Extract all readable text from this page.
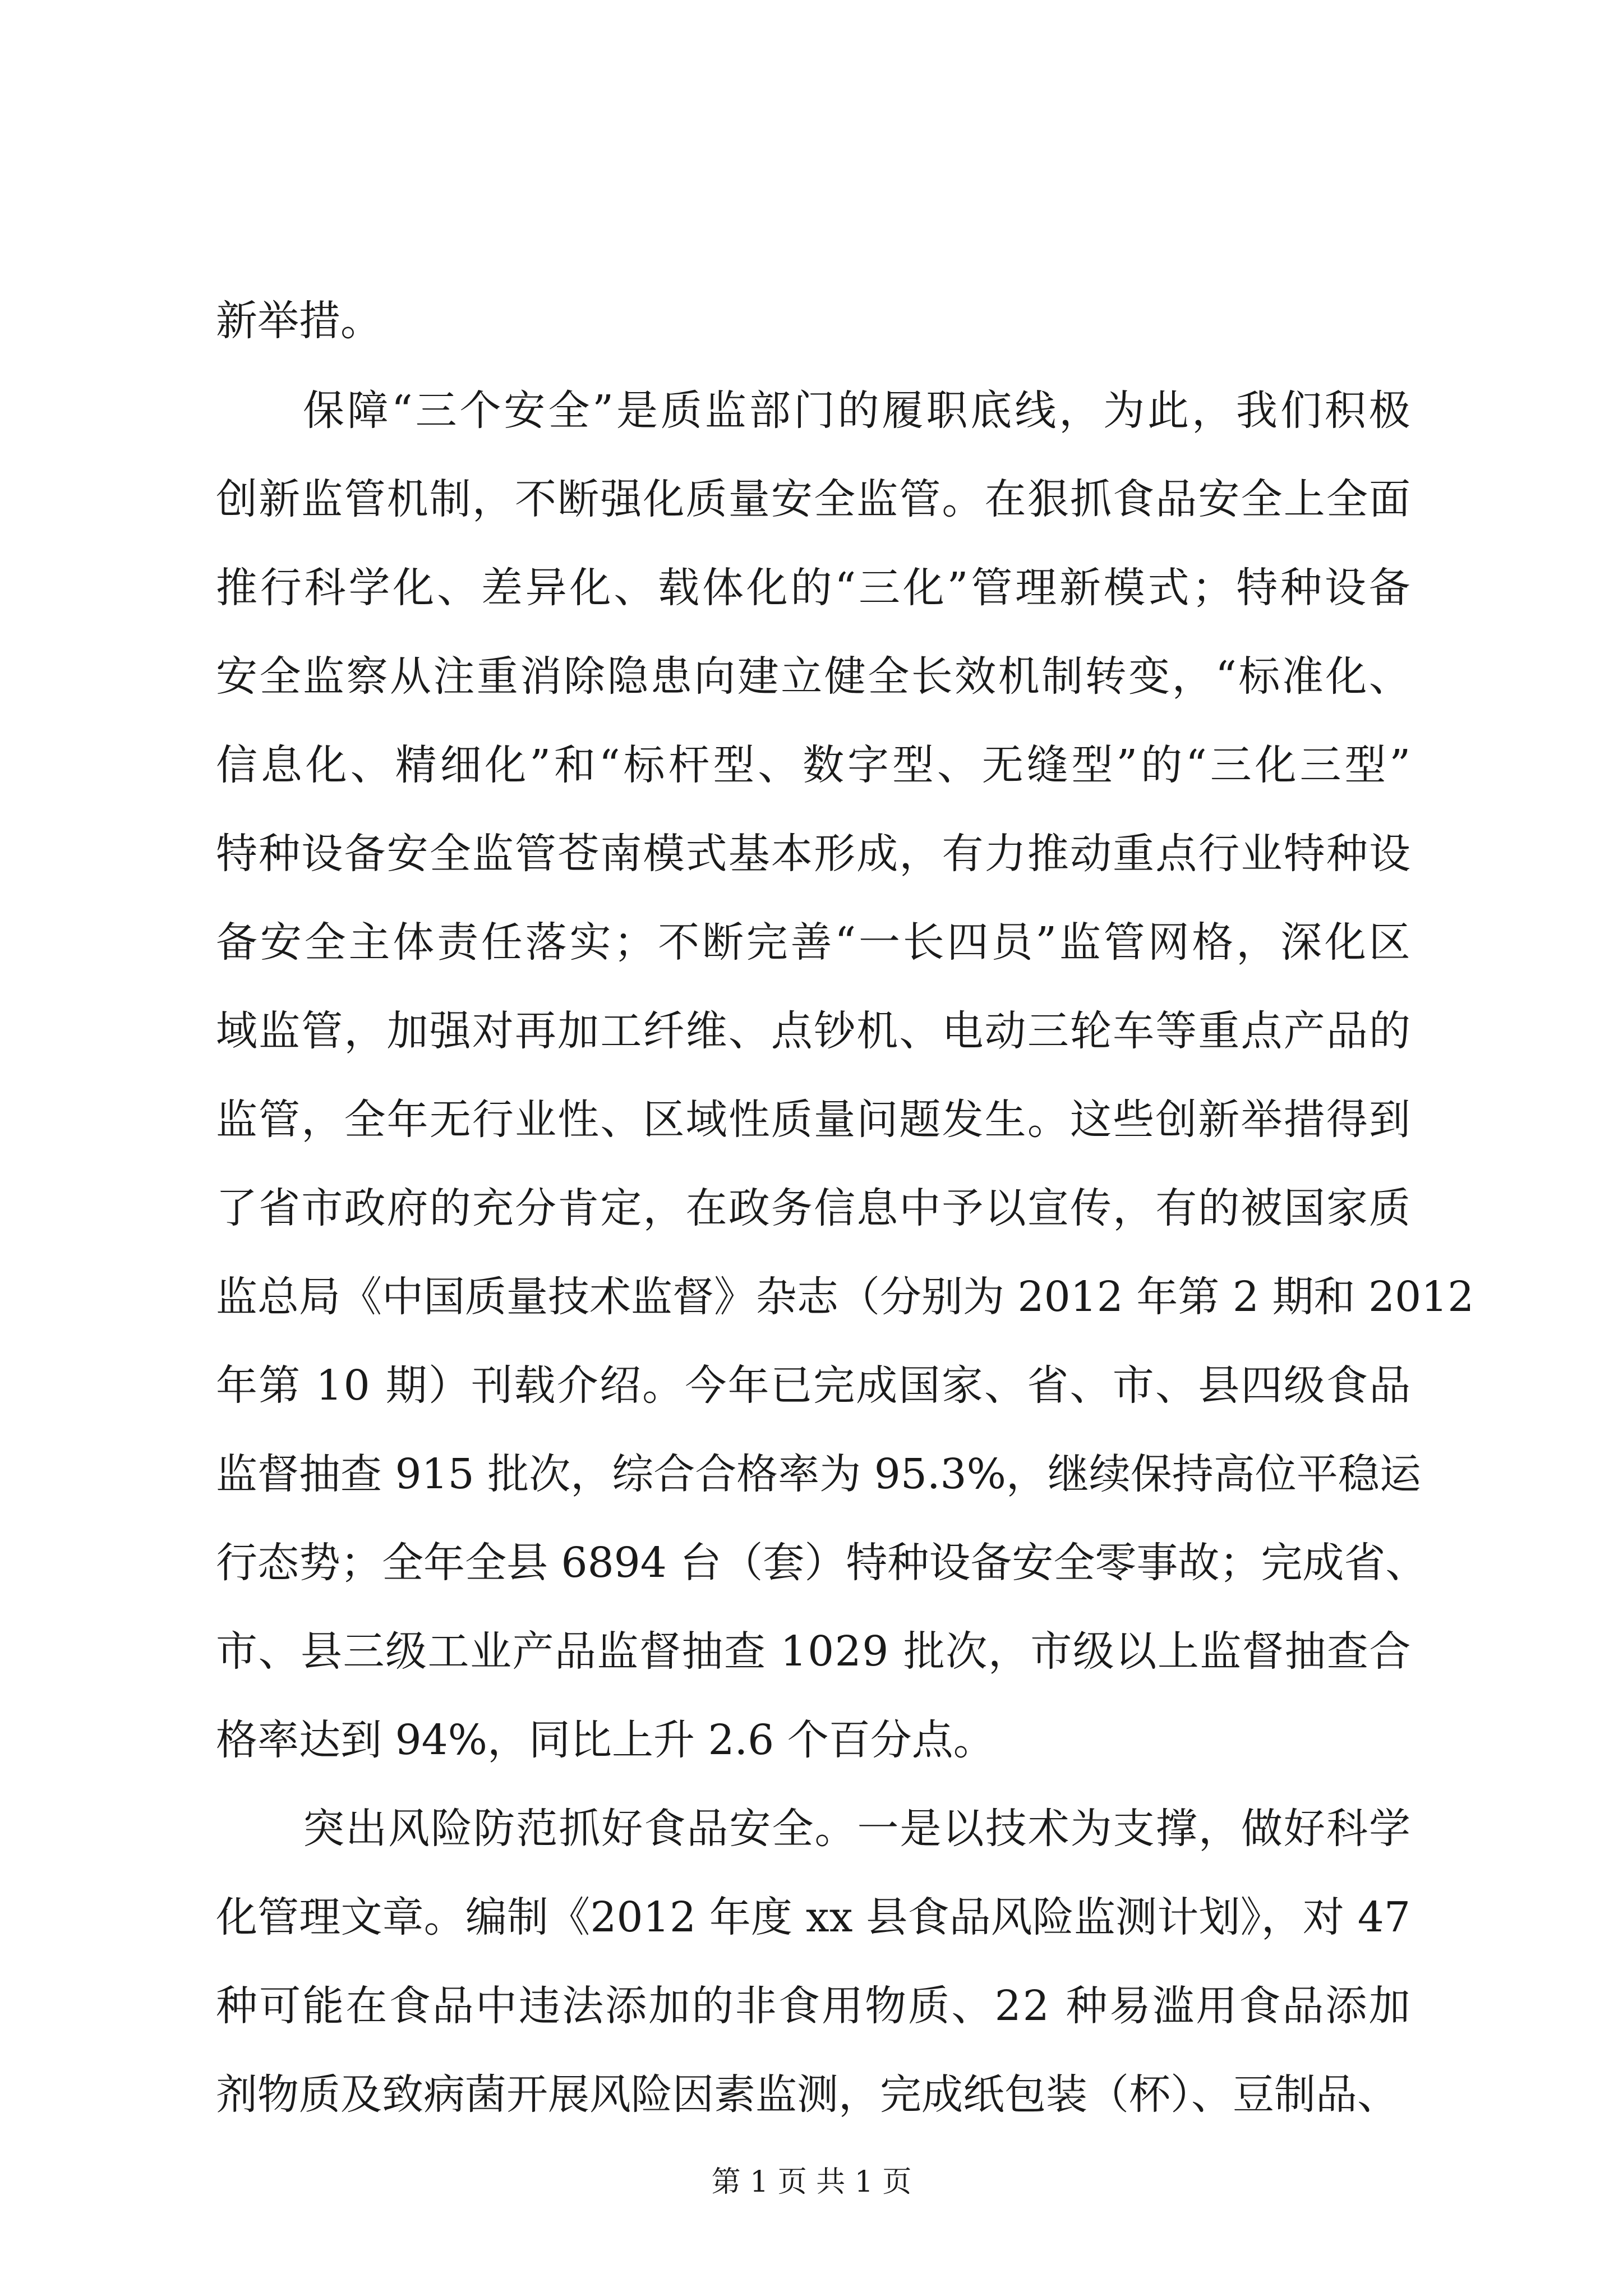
新举措。
保障“三个安全”是质监部门的履职底线，为此，我们积极
创新监管机制，不断强化质量安全监管。在狠抓食品安全上全面
推行科学化、差异化、载体化的“三化”管理新模式；特种设备
安全监察从注重消除隐患向建立健全长效机制转变，“标准化、
信息化、精细化”和“标杆型、数字型、无缝型”的“三化三型”
特种设备安全监管苍南模式基本形成，有力推动重点行业特种设
备安全主体责任落实；不断完善“一长四员”监管网格，深化区
域监管，加强对再加工纤维、点钞机、电动三轮车等重点产品的
监管，全年无行业性、区域性质量问题发生。这些创新举措得到
了省市政府的充分肯定，在政务信息中予以宣传，有的被国家质
监总局《中国质量技术监督》杂志（分别为 2012 年第 2 期和 2012
年第 10 期）刊载介绍。今年已完成国家、省、市、县四级食品
监督抽查 915 批次，综合合格率为 95.3%，继续保持高位平稳运
行态势；全年全县 6894 台（套）特种设备安全零事故；完成省、
市、县三级工业产品监督抽查 1029 批次，市级以上监督抽查合
格率达到 94%，同比上升 2.6 个百分点。
突出风险防范抓好食品安全。一是以技术为支撑，做好科学
化管理文章。编制《2012 年度 xx 县食品风险监测计划》，对 47
种可能在食品中违法添加的非食用物质、22 种易滥用食品添加
剂物质及致病菌开展风险因素监测，完成纸包装（杯）、豆制品、
第 1 页 共 1 页
